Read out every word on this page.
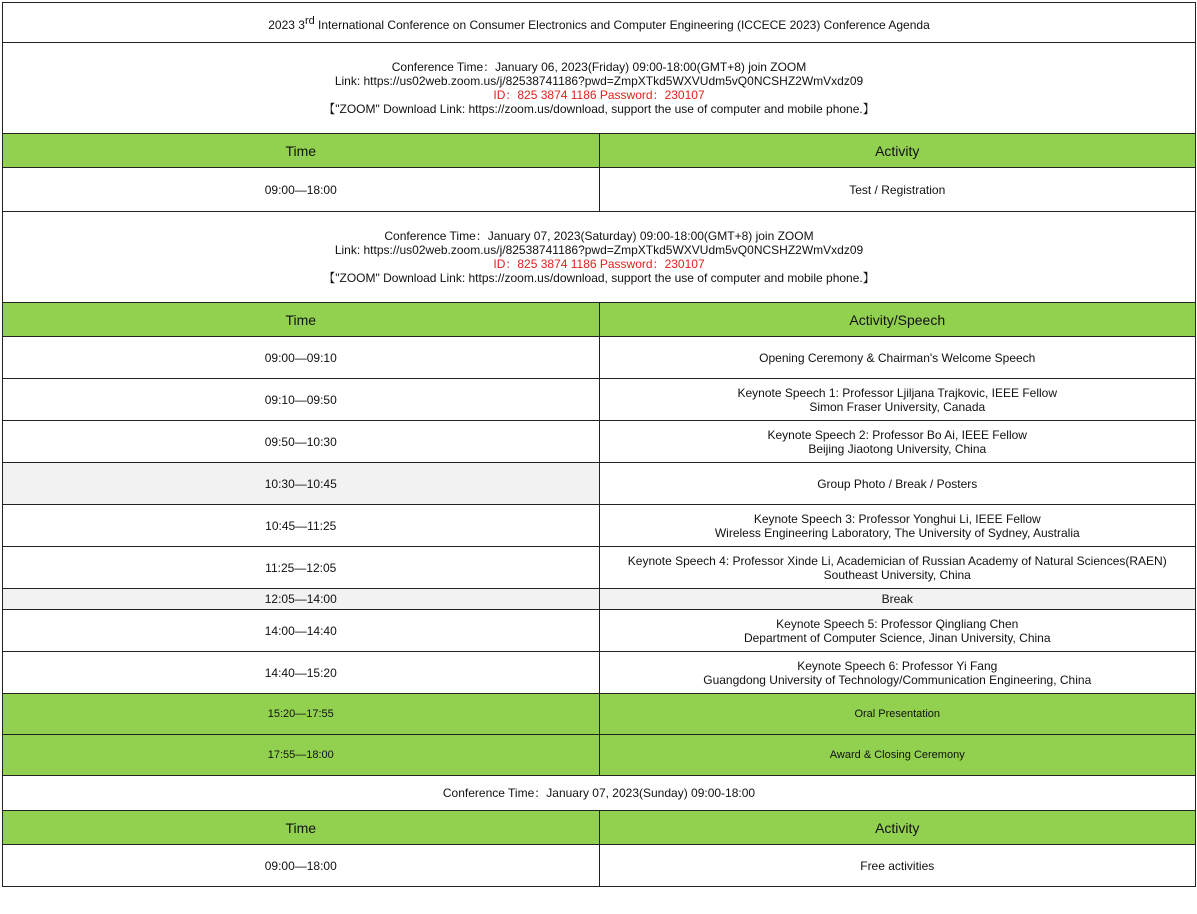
2023 3rd International Conference on Consumer Electronics and Computer Engineering (ICCECE 2023) Conference Agenda	

Conference Time：January 06, 2023(Friday) 09:00-18:00(GMT+8) join ZOOM
Link: https://us02web.zoom.us/j/82538741186?pwd=ZmpXTkd5WXVUdm5vQ0NCSHZ2WmVxdz09
ID：825 3874 1186 Password：230107
【"ZOOM" Download Link: https://zoom.us/download, support the use of computer and mobile phone.】	

Time	Activity
09:00—18:00	Test / Registration

Conference Time：January 07, 2023(Saturday) 09:00-18:00(GMT+8) join ZOOM
Link: https://us02web.zoom.us/j/82538741186?pwd=ZmpXTkd5WXVUdm5vQ0NCSHZ2WmVxdz09
ID：825 3874 1186 Password：230107
【"ZOOM" Download Link: https://zoom.us/download, support the use of computer and mobile phone.】	

Time	Activity/Speech
09:00—09:10	Opening Ceremony & Chairman's Welcome Speech

09:10—09:50	Keynote Speech 1: Professor Ljiljana Trajkovic, IEEE Fellow
Simon Fraser University, Canada

09:50—10:30	Keynote Speech 2: Professor Bo Ai, IEEE Fellow
Beijing Jiaotong University, China

10:30—10:45	Group Photo / Break / Posters

10:45—11:25	Keynote Speech 3: Professor Yonghui Li, IEEE Fellow
Wireless Engineering Laboratory, The University of Sydney, Australia

11:25—12:05	Keynote Speech 4: Professor Xinde Li, Academician of Russian Academy of Natural Sciences(RAEN)
Southeast University, China

12:05—14:00	Break

14:00—14:40	Keynote Speech 5: Professor Qingliang Chen
Department of Computer Science, Jinan University, China

14:40—15:20	Keynote Speech 6: Professor Yi Fang
Guangdong University of Technology/Communication Engineering, China

15:20—17:55	Oral Presentation

17:55—18:00	Award & Closing Ceremony

Conference Time：January 07, 2023(Sunday) 09:00-18:00	
Time	Activity
09:00—18:00	Free activities
